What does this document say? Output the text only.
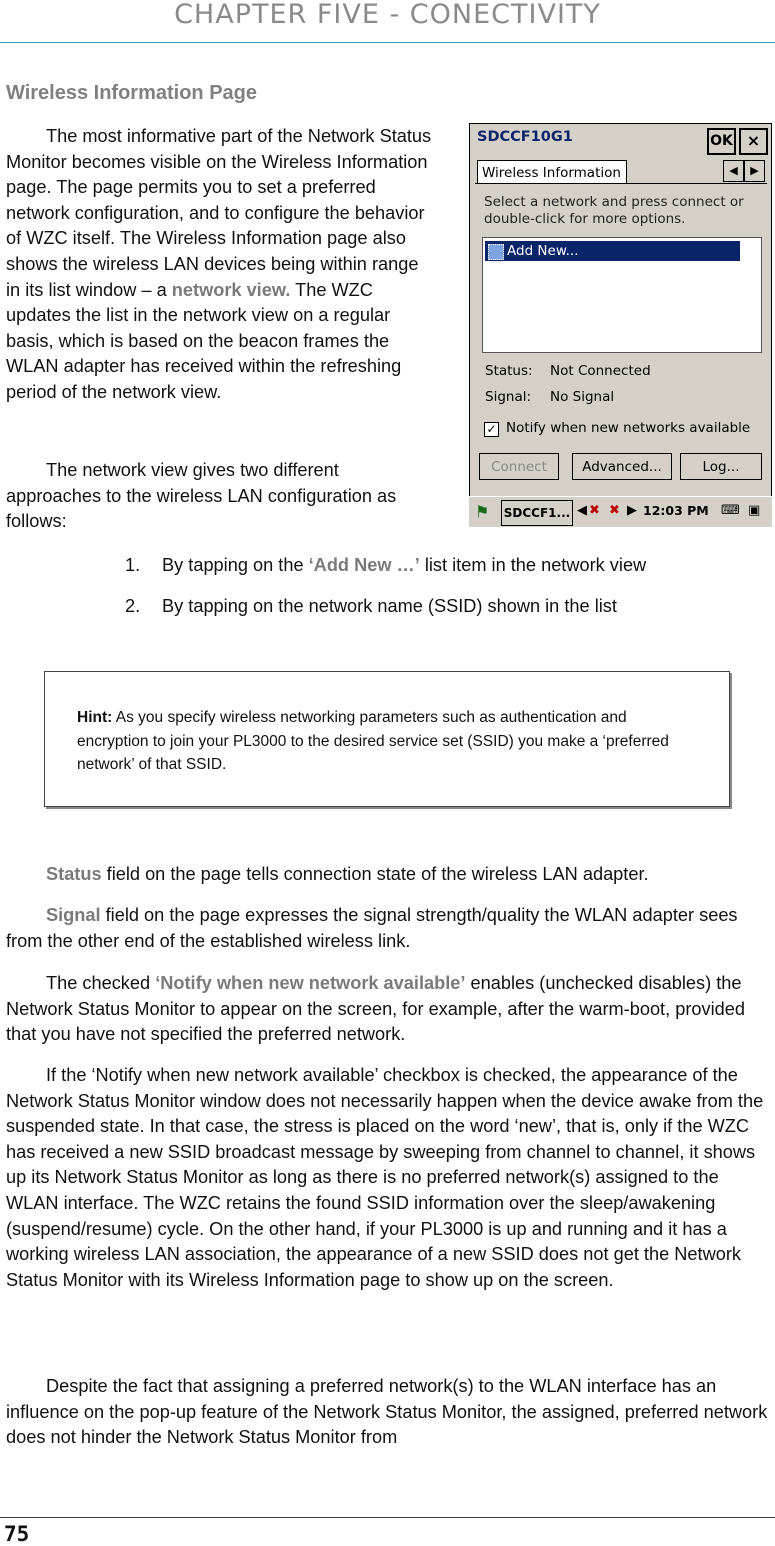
CHAPTER FIVE - CONECTIVITY
Wireless Information Page

The most informative part of the Network Status Monitor becomes visible on the Wireless Information page. The page permits you to set a preferred network configuration, and to configure the behavior of WZC itself. The Wireless Information page also shows the wireless LAN devices being within range in its list window – a network view. The WZC updates the list in the network view on a regular basis, which is based on the beacon frames the WLAN adapter has received within the refreshing period of the network view.

The network view gives two different approaches to the wireless LAN configuration as follows:

1. By tapping on the ‘Add New …’ list item in the network view
2. By tapping on the network name (SSID) shown in the list
Hint: As you specify wireless networking parameters such as authentication and encryption to join your PL3000 to the desired service set (SSID) you make a ‘preferred network’ of that SSID.

Status field on the page tells connection state of the wireless LAN adapter.

Signal field on the page expresses the signal strength/quality the WLAN adapter sees from the other end of the established wireless link.

The checked ‘Notify when new network available’ enables (unchecked disables) the Network Status Monitor to appear on the screen, for example, after the warm-boot, provided that you have not specified the preferred network.

If the ‘Notify when new network available’ checkbox is checked, the appearance of the Network Status Monitor window does not necessarily happen when the device awake from the suspended state. In that case, the stress is placed on the word ‘new’, that is, only if the WZC has received a new SSID broadcast message by sweeping from channel to channel, it shows up its Network Status Monitor as long as there is no preferred network(s) assigned to the WLAN interface. The WZC retains the found SSID information over the sleep/awakening (suspend/resume) cycle. On the other hand, if your PL3000 is up and running and it has a working wireless LAN association, the appearance of a new SSID does not get the Network Status Monitor with its Wireless Information page to show up on the screen.

Despite the fact that assigning a preferred network(s) to the WLAN interface has an influence on the pop-up feature of the Network Status Monitor, the assigned, preferred network does not hinder the Network Status Monitor from

SDCCF10G1	OK ×
Wireless Information	◀ ▶
Select a network and press connect or double-click for more options.
Add New...
Status: Not Connected
Signal: No Signal
✓ Notify when new networks available
Connect	Advanced...	Log...
⚑ SDCCF1... ◀ ✖ ✖ ▶ 12:03 PM ⌨ ▣
75
